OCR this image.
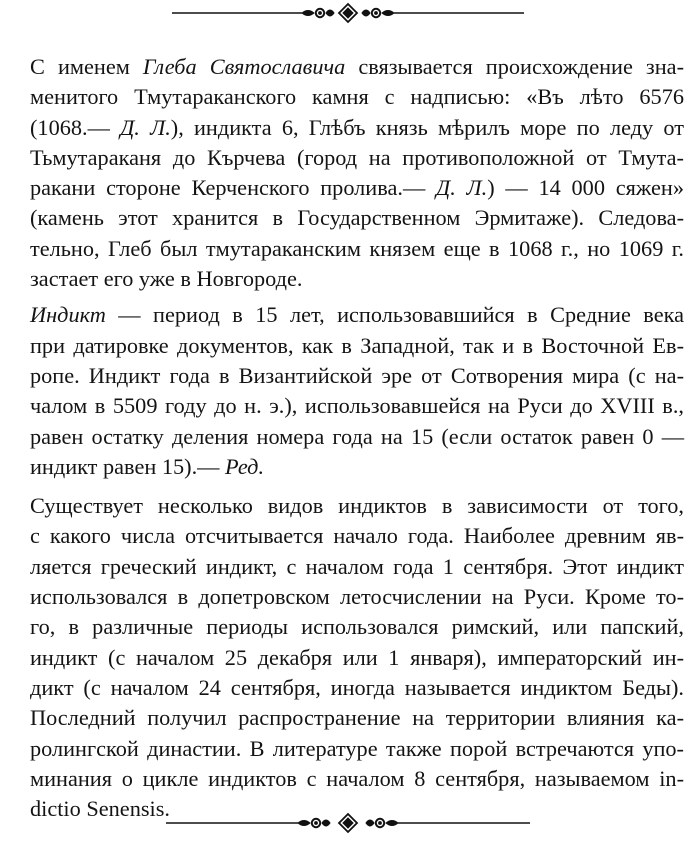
С именем Глеба Святославича связывается происхождение зна-
менитого Тмутараканского камня с надписью: «Въ лѣто 6576
(1068.— Д. Л.), индикта 6, Глѣбъ князь мѣрилъ море по леду от
Тьмутараканя до Кърчева (город на противоположной от Тмута-
ракани стороне Керченского пролива.— Д. Л.) — 14 000 сяжен»
(камень этот хранится в Государственном Эрмитаже). Следова-
тельно, Глеб был тмутараканским князем еще в 1068 г., но 1069 г.
застает его уже в Новгороде.
Индикт — период в 15 лет, использовавшийся в Средние века
при датировке документов, как в Западной, так и в Восточной Ев-
ропе. Индикт года в Византийской эре от Сотворения мира (с на-
чалом в 5509 году до н. э.), использовавшейся на Руси до XVIII в.,
равен остатку деления номера года на 15 (если остаток равен 0 —
индикт равен 15).— Ред.
Существует несколько видов индиктов в зависимости от того,
с какого числа отсчитывается начало года. Наиболее древним яв-
ляется греческий индикт, с началом года 1 сентября. Этот индикт
использовался в допетровском летосчислении на Руси. Кроме то-
го, в различные периоды использовался римский, или папский,
индикт (с началом 25 декабря или 1 января), императорский ин-
дикт (с началом 24 сентября, иногда называется индиктом Беды).
Последний получил распространение на территории влияния ка-
ролингской династии. В литературе также порой встречаются упо-
минания о цикле индиктов с началом 8 сентября, называемом in-
dictio Senensis.
